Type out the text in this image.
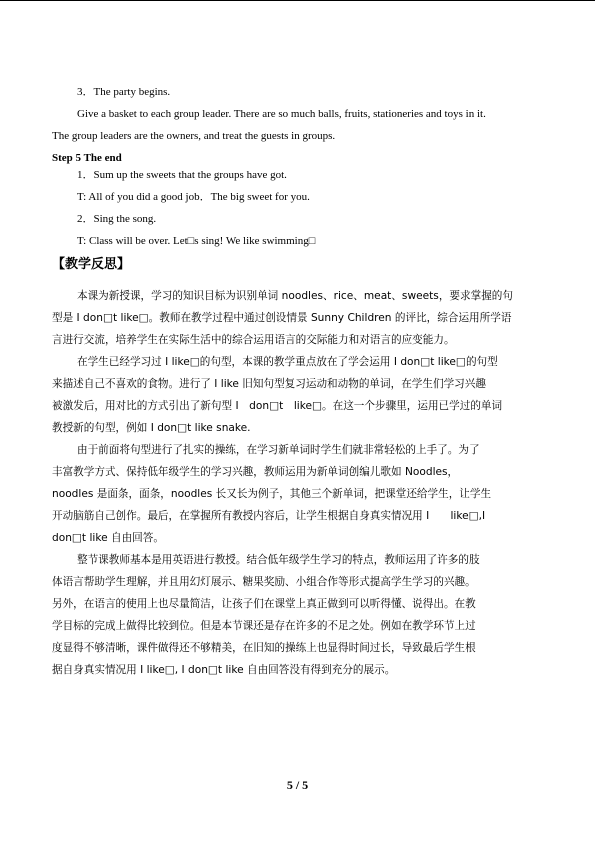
3．The party begins.
Give a basket to each group leader. There are so much balls, fruits, stationeries and toys in it.
The group leaders are the owners, and treat the guests in groups.
Step 5 The end
1．Sum up the sweets that the groups have got.
T: All of you did a good job．The big sweet for you.
2．Sing the song.
T: Class will be over. Let□s sing! We like swimming□
【教学反思】
本课为新授课，学习的知识目标为识别单词 noodles、rice、meat、sweets，要求掌握的句
型是 I don□t like□。教师在教学过程中通过创设情景 Sunny Children 的评比，综合运用所学语
言进行交流，培养学生在实际生活中的综合运用语言的交际能力和对语言的应变能力。
在学生已经学习过 I like□的句型，本课的教学重点放在了学会运用 I don□t like□的句型
来描述自己不喜欢的食物。进行了 I like 旧知句型复习运动和动物的单词，在学生们学习兴趣
被激发后，用对比的方式引出了新句型 I　don□t　like□。在这一个步骤里，运用已学过的单词
教授新的句型，例如 I don□t like snake.
由于前面将句型进行了扎实的操练，在学习新单词时学生们就非常轻松的上手了。为了
丰富教学方式、保持低年级学生的学习兴趣，教师运用为新单词创编儿歌如 Noodles，
noodles 是面条，面条，noodles 长又长为例子，其他三个新单词，把课堂还给学生，让学生
开动脑筋自己创作。最后，在掌握所有教授内容后，让学生根据自身真实情况用 I　　like□,I
don□t like 自由回答。
整节课教师基本是用英语进行教授。结合低年级学生学习的特点，教师运用了许多的肢
体语言帮助学生理解，并且用幻灯展示、糖果奖励、小组合作等形式提高学生学习的兴趣。
另外，在语言的使用上也尽量简洁，让孩子们在课堂上真正做到可以听得懂、说得出。在教
学目标的完成上做得比较到位。但是本节课还是存在许多的不足之处。例如在教学环节上过
度显得不够清晰，课件做得还不够精美，在旧知的操练上也显得时间过长，导致最后学生根
据自身真实情况用 I like□, I don□t like 自由回答没有得到充分的展示。
5 / 5
